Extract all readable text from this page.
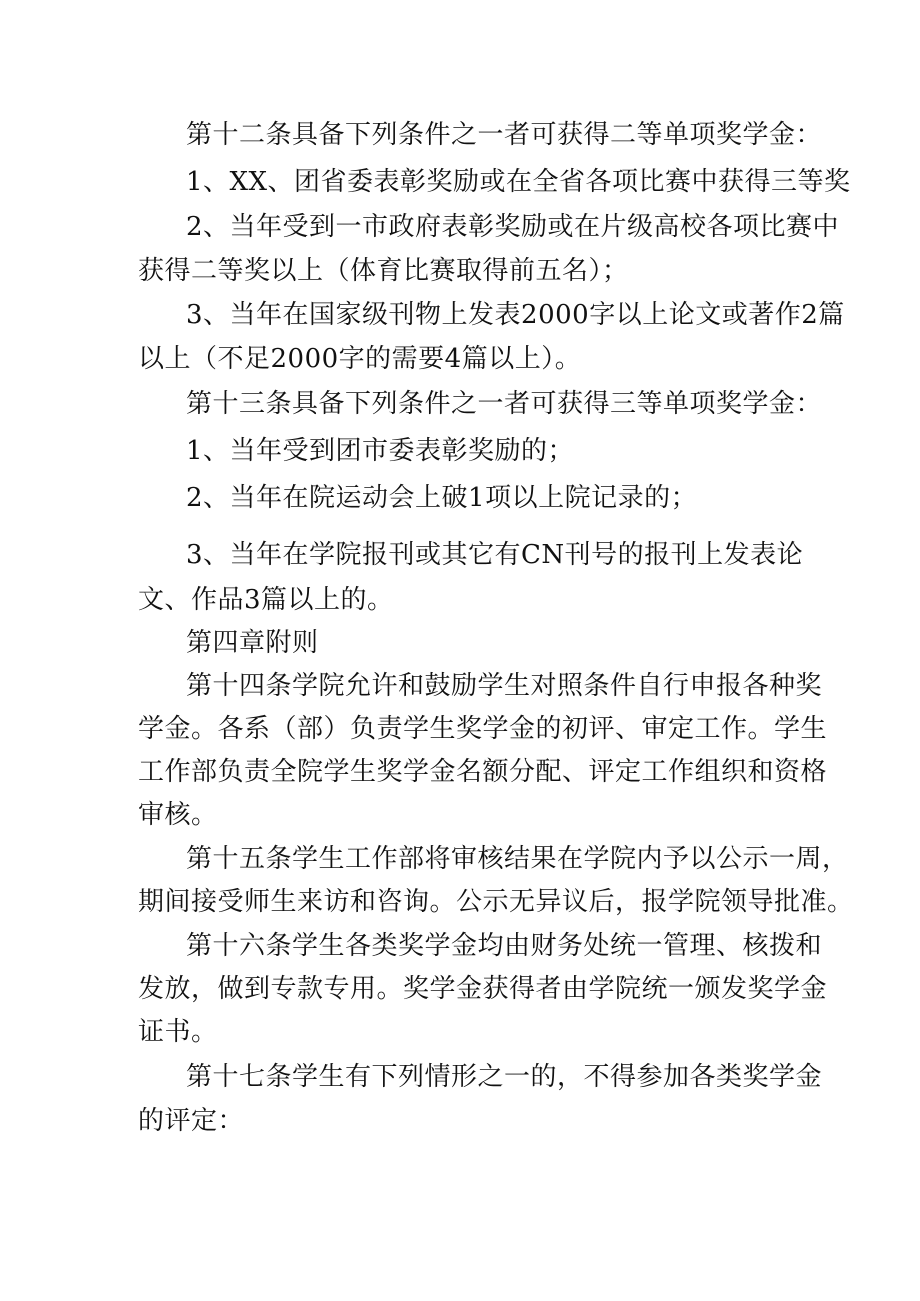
第十二条具备下列条件之一者可获得二等单项奖学金：
1、XX、团省委表彰奖励或在全省各项比赛中获得三等奖
2、当年受到一市政府表彰奖励或在片级高校各项比赛中
获得二等奖以上（体育比赛取得前五名）；
3、当年在国家级刊物上发表2000字以上论文或著作2篇
以上（不足2000字的需要4篇以上）。
第十三条具备下列条件之一者可获得三等单项奖学金：
1、当年受到团市委表彰奖励的；
2、当年在院运动会上破1项以上院记录的；
3、当年在学院报刊或其它有CN刊号的报刊上发表论
文、作品3篇以上的。
第四章附则
第十四条学院允许和鼓励学生对照条件自行申报各种奖
学金。各系（部）负责学生奖学金的初评、审定工作。学生
工作部负责全院学生奖学金名额分配、评定工作组织和资格
审核。
第十五条学生工作部将审核结果在学院内予以公示一周，
期间接受师生来访和咨询。公示无异议后，报学院领导批准。
第十六条学生各类奖学金均由财务处统一管理、核拨和
发放，做到专款专用。奖学金获得者由学院统一颁发奖学金
证书。
第十七条学生有下列情形之一的，不得参加各类奖学金
的评定：
